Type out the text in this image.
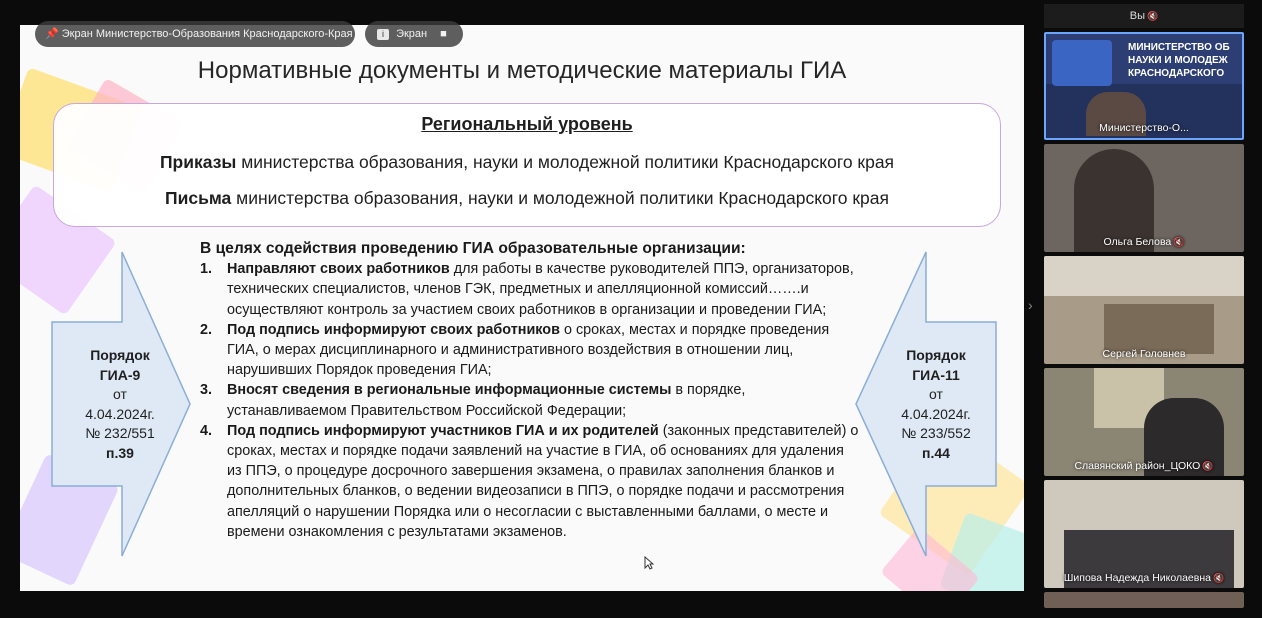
Нормативные документы и методические материалы ГИА
Региональный уровень
Приказы министерства образования, науки и молодежной политики Краснодарского края
Письма министерства образования, науки и молодежной политики Краснодарского края
Порядок
ГИА-9
от
4.04.2024г.
№ 232/551
п.39
Порядок
ГИА-11
от
4.04.2024г.
№ 233/552
п.44
В целях содействия проведению ГИА образовательные организации:
1.	Направляют своих работников для работы в качестве руководителей ППЭ, организаторов, технических специалистов, членов ГЭК, предметных и апелляционной комиссий…….и осуществляют контроль за участием своих работников в организации и проведении ГИА;
2.	Под подпись информируют своих работников о сроках, местах и порядке проведения ГИА, о мерах дисциплинарного и административного воздействия в отношении лиц, нарушивших Порядок проведения ГИА;
3.	Вносят сведения в региональные информационные системы в порядке, устанавливаемом Правительством Российской Федерации;
4.	Под подпись информируют участников ГИА и их родителей (законных представителей) о сроках, местах и порядке подачи заявлений на участие в ГИА, об основаниях для удаления из ППЭ, о процедуре досрочного завершения экзамена, о правилах заполнения бланков и дополнительных бланков, о ведении видеозаписи в ППЭ, о порядке подачи и рассмотрения апелляций о нарушении Порядка или о несогласии с выставленными баллами, о месте и времени ознакомления с результатами экзаменов.
📌 Экран Министерство-Образования Краснодарского-Края	i Экран ■
›
Вы 🔇
МИНИСТЕРСТВО ОБ НАУКИ И МОЛОДЕЖ КРАСНОДАРСКОГО
Министерство-О...
Ольга Белова 🔇
Сергей Головнев
Славянский район_ЦОКО 🔇
Шипова Надежда Николаевна 🔇
